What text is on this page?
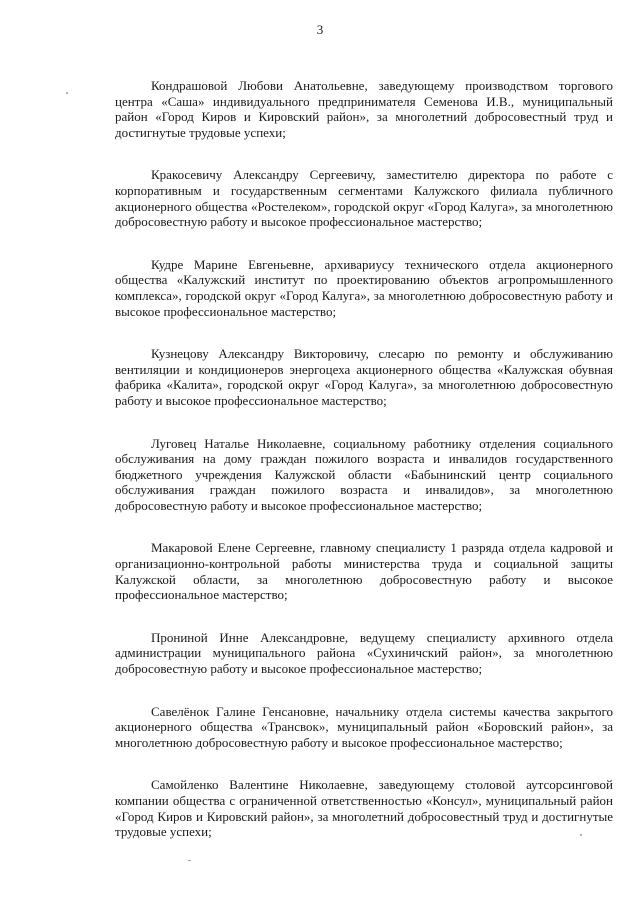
3

Кондрашовой Любови Анатольевне, заведующему производством торгового центра «Саша» индивидуального предпринимателя Семенова И.В., муниципальный район «Город Киров и Кировский район», за многолетний добросовестный труд и достигнутые трудовые успехи;

Кракосевичу Александру Сергеевичу, заместителю директора по работе с корпоративным и государственным сегментами Калужского филиала публичного акционерного общества «Ростелеком», городской округ «Город Калуга», за многолетнюю добросовестную работу и высокое профессиональное мастерство;

Кудре Марине Евгеньевне, архивариусу технического отдела акционерного общества «Калужский институт по проектированию объектов агропромышленного комплекса», городской округ «Город Калуга», за многолетнюю добросовестную работу и высокое профессиональное мастерство;

Кузнецову Александру Викторовичу, слесарю по ремонту и обслуживанию вентиляции и кондиционеров энергоцеха акционерного общества «Калужская обувная фабрика «Калита», городской округ «Город Калуга», за многолетнюю добросовестную работу и высокое профессиональное мастерство;

Луговец Наталье Николаевне, социальному работнику отделения социального обслуживания на дому граждан пожилого возраста и инвалидов государственного бюджетного учреждения Калужской области «Бабынинский центр социального обслуживания граждан пожилого возраста и инвалидов», за многолетнюю добросовестную работу и высокое профессиональное мастерство;

Макаровой Елене Сергеевне, главному специалисту 1 разряда отдела кадровой и организационно-контрольной работы министерства труда и социальной защиты Калужской области, за многолетнюю добросовестную работу и высокое профессиональное мастерство;

Прониной Инне Александровне, ведущему специалисту архивного отдела администрации муниципального района «Сухиничский район», за многолетнюю добросовестную работу и высокое профессиональное мастерство;

Савелёнок Галине Генсановне, начальнику отдела системы качества закрытого акционерного общества «Трансвок», муниципальный район «Боровский район», за многолетнюю добросовестную работу и высокое профессиональное мастерство;

Самойленко Валентине Николаевне, заведующему столовой аутсорсинговой компании общества с ограниченной ответственностью «Консул», муниципальный район «Город Киров и Кировский район», за многолетний добросовестный труд и достигнутые трудовые успехи;
